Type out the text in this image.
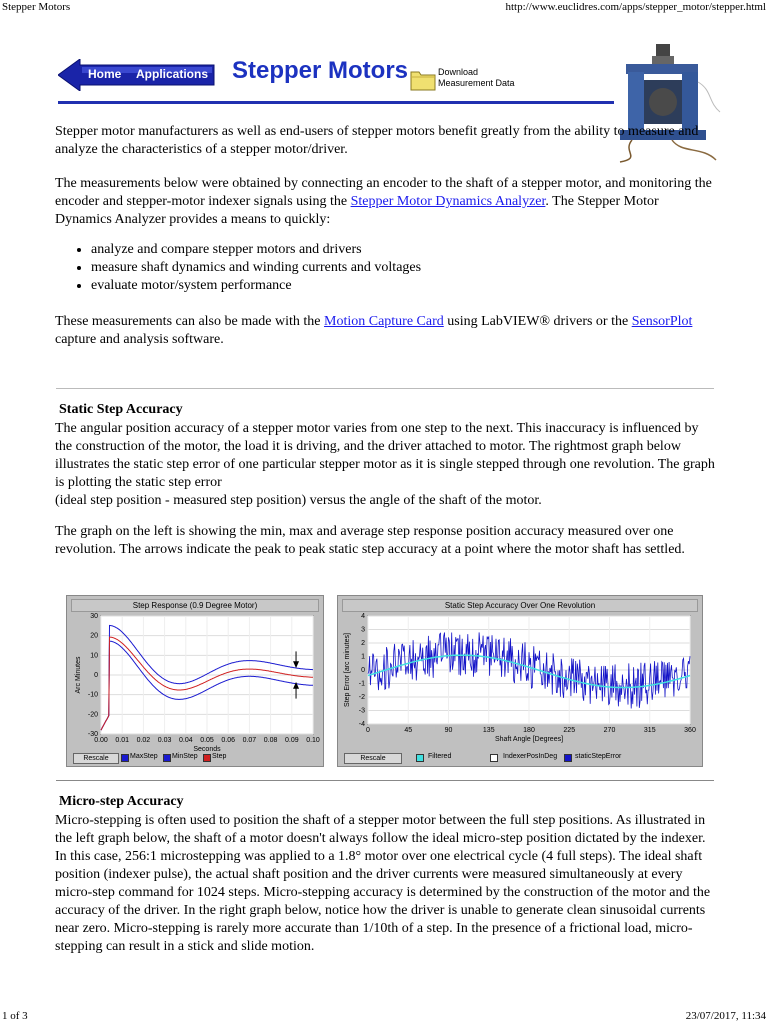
Stepper Motors	http://www.euclidres.com/apps/stepper_motor/stepper.html
Home Applications Stepper Motors	Download
Measurement Data
Stepper motor manufacturers as well as end-users of stepper motors benefit greatly from the ability to measure and analyze the characteristics of a stepper motor/driver.
The measurements below were obtained by connecting an encoder to the shaft of a stepper motor, and monitoring the encoder and stepper-motor indexer signals using the Stepper Motor Dynamics Analyzer. The Stepper Motor Dynamics Analyzer provides a means to quickly:
• analyze and compare stepper motors and drivers
• measure shaft dynamics and winding currents and voltages
• evaluate motor/system performance
These measurements can also be made with the Motion Capture Card using LabVIEW® drivers or the SensorPlot capture and analysis software.
Static Step Accuracy
The angular position accuracy of a stepper motor varies from one step to the next. This inaccuracy is influenced by the construction of the motor, the load it is driving, and the driver attached to motor. The rightmost graph below illustrates the static step error of one particular stepper motor as it is single stepped through one revolution. The graph is plotting the static step error
(ideal step position - measured step position) versus the angle of the shaft of the motor.
The graph on the left is showing the min, max and average step response position accuracy measured over one revolution. The arrows indicate the peak to peak static step accuracy at a point where the motor shaft has settled.
30
20
10
0
-10
-20
-30
0.00 0.01 0.02 0.03 0.04 0.05 0.06 0.07 0.08 0.09 0.10
Seconds
Arc Minutes
Step Response (0.9 Degree Motor)
Rescale	MaxStep MinStep Step
4
3
2
1
0
-1
-2
-3
-4
0	45	90	135	180	225	270	315	360
Shaft Angle [Degrees]
Step Error [arc minutes]
Static Step Accuracy Over One Revolution
Rescale	Filtered	IndexerPosInDeg	staticStepError
Micro-step Accuracy
Micro-stepping is often used to position the shaft of a stepper motor between the full step positions. As illustrated in the left graph below, the shaft of a motor doesn't always follow the ideal micro-step position dictated by the indexer. In this case, 256:1 microstepping was applied to a 1.8° motor over one electrical cycle (4 full steps). The ideal shaft position (indexer pulse), the actual shaft position and the driver currents were measured simultaneously at every micro-step command for 1024 steps. Micro-stepping accuracy is determined by the construction of the motor and the accuracy of the driver. In the right graph below, notice how the driver is unable to generate clean sinusoidal currents near zero. Micro-stepping is rarely more accurate than 1/10th of a step. In the presence of a frictional load, micro-stepping can result in a stick and slide motion.
1 of 3	23/07/2017, 11:34
